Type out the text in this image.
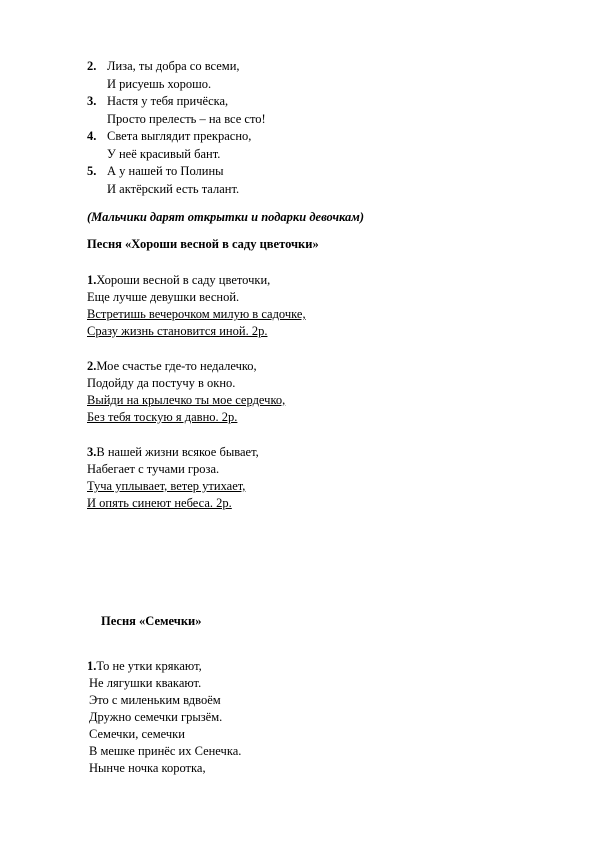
2. Лиза, ты добра со всеми,
И рисуешь хорошо.
3. Настя у тебя причёска,
Просто прелесть – на все сто!
4. Света выглядит прекрасно,
У неё красивый бант.
5. А у нашей то Полины
И актёрский есть талант.
(Мальчики дарят открытки и подарки девочкам)
Песня «Хороши весной в саду цветочки»
1.Хороши весной в саду цветочки,
Еще лучше девушки весной.
Встретишь вечерочком милую в садочке,
Сразу жизнь становится иной. 2р.
2.Мое счастье где-то недалечко,
Подойду да постучу в окно.
Выйди на крылечко ты мое сердечко,
Без тебя тоскую я давно. 2р.
3.В нашей жизни всякое бывает,
Набегает с тучами гроза.
Туча уплывает, ветер утихает,
И опять синеют небеса. 2р.
Песня «Семечки»
1.То не утки крякают,
Не лягушки квакают.
Это с миленьким вдвоём
Дружно семечки грызём.
Семечки, семечки
В мешке принёс их Сенечка.
Нынче ночка коротка,
